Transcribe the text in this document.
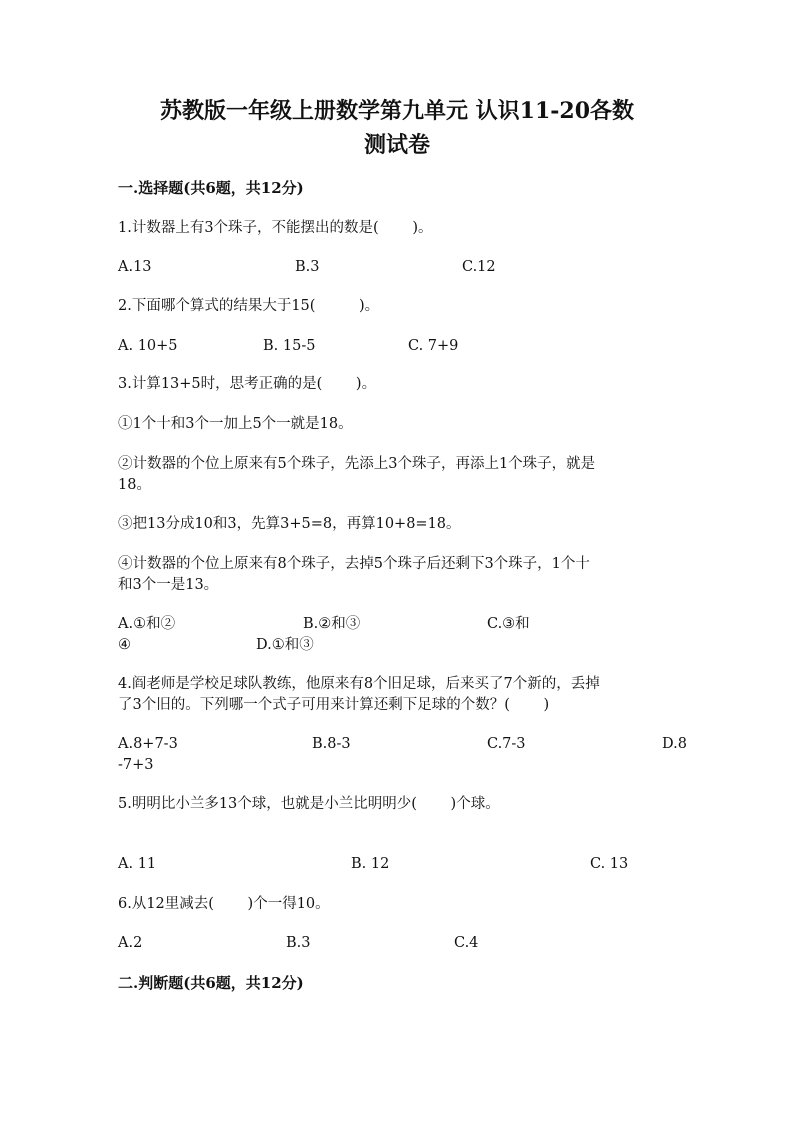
苏教版一年级上册数学第九单元 认识11-20各数
测试卷
一.选择题(共6题，共12分)
1.计数器上有3个珠子，不能摆出的数是(　　 )。
A.13	B.3	C.12
2.下面哪个算式的结果大于15(　　　)。
A. 10+5	B. 15-5	C. 7+9
3.计算13+5时，思考正确的是(　　 )。
①1个十和3个一加上5个一就是18。
②计数器的个位上原来有5个珠子，先添上3个珠子，再添上1个珠子，就是
18。
③把13分成10和3，先算3+5=8，再算10+8=18。
④计数器的个位上原来有8个珠子，去掉5个珠子后还剩下3个珠子，1个十
和3个一是13。
A.①和②	B.②和③	C.③和
④	D.①和③
4.阎老师是学校足球队教练，他原来有8个旧足球，后来买了7个新的，丢掉
了3个旧的。下列哪一个式子可用来计算还剩下足球的个数？(　　 )
A.8+7-3	B.8-3	C.7-3	D.8
-7+3
5.明明比小兰多13个球，也就是小兰比明明少(　　 )个球。
A. 11	B. 12	C. 13
6.从12里减去(　　 )个一得10。
A.2	B.3	C.4
二.判断题(共6题，共12分)
